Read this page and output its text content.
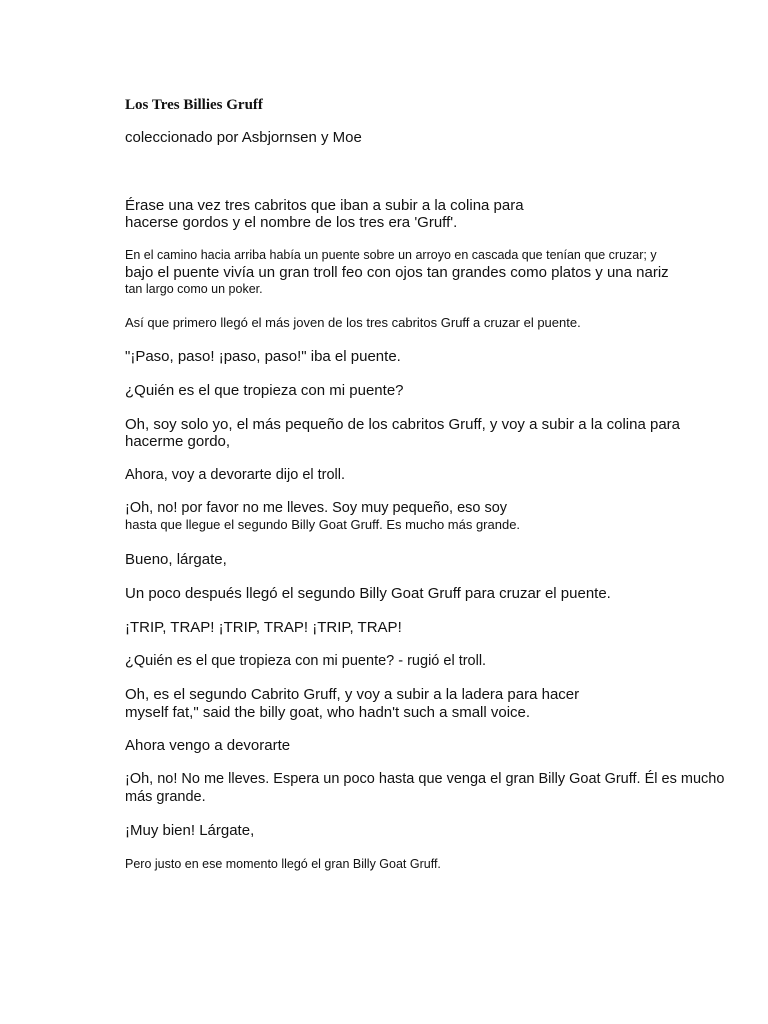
Los Tres Billies Gruff

coleccionado por Asbjornsen y Moe

Érase una vez tres cabritos que iban a subir a la colina para

hacerse gordos y el nombre de los tres era 'Gruff'.

En el camino hacia arriba había un puente sobre un arroyo en cascada que tenían que cruzar; y

bajo el puente vivía un gran troll feo con ojos tan grandes como platos y una nariz

tan largo como un poker.

Así que primero llegó el más joven de los tres cabritos Gruff a cruzar el puente.

"¡Paso, paso! ¡paso, paso!" iba el puente.

¿Quién es el que tropieza con mi puente?

Oh, soy solo yo, el más pequeño de los cabritos Gruff, y voy a subir a la colina para

hacerme gordo,

Ahora, voy a devorarte dijo el troll.

¡Oh, no! por favor no me lleves. Soy muy pequeño, eso soy

hasta que llegue el segundo Billy Goat Gruff. Es mucho más grande.

Bueno, lárgate,

Un poco después llegó el segundo Billy Goat Gruff para cruzar el puente.

¡TRIP, TRAP! ¡TRIP, TRAP! ¡TRIP, TRAP!

¿Quién es el que tropieza con mi puente? - rugió el troll.

Oh, es el segundo Cabrito Gruff, y voy a subir a la ladera para hacer

myself fat," said the billy goat, who hadn't such a small voice.

Ahora vengo a devorarte

¡Oh, no! No me lleves. Espera un poco hasta que venga el gran Billy Goat Gruff. Él es mucho

más grande.

¡Muy bien! Lárgate,

Pero justo en ese momento llegó el gran Billy Goat Gruff.
